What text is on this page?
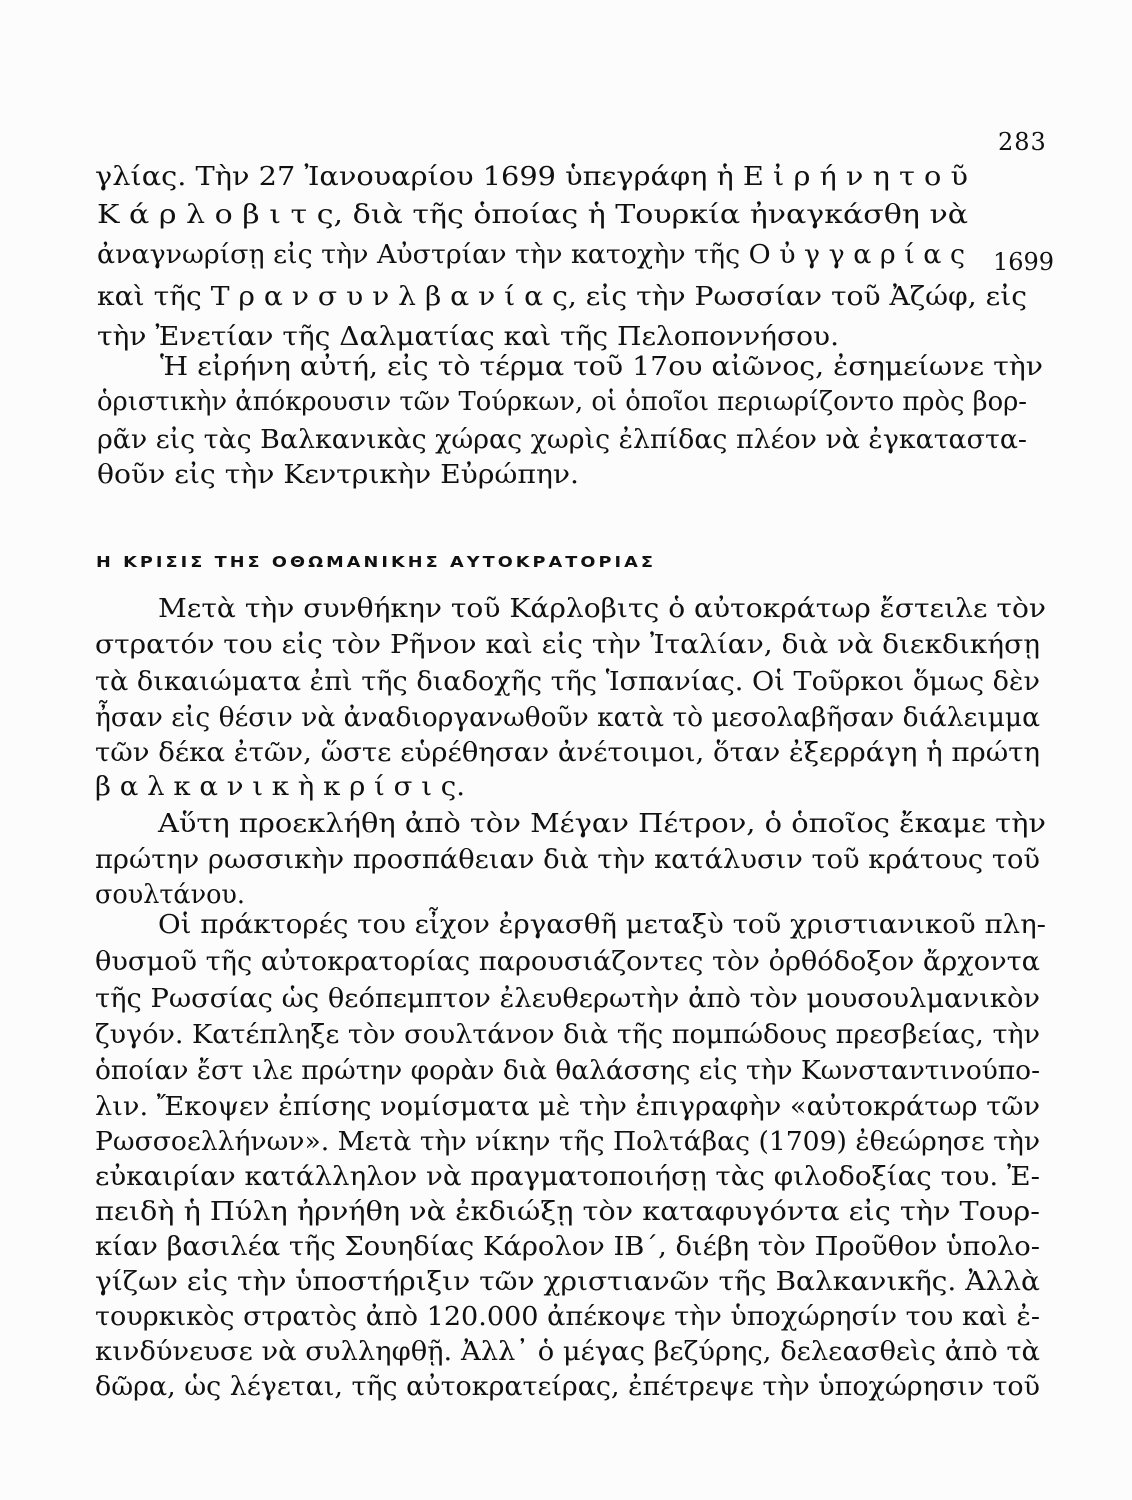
283
1699
γλίας. Τὴν 27 Ἰανουαρίου 1699 ὑπεγράφη ἡ Ε ἰ ρ ή ν η τ ο ῦ
Κ ά ρ λ ο β ι τ ς, διὰ τῆς ὁποίας ἡ Τουρκία ἠναγκάσθη νὰ
ἀναγνωρίσῃ εἰς τὴν Αὐστρίαν τὴν κατοχὴν τῆς Ο ὐ γ γ α ρ ί α ς
καὶ τῆς Τ ρ α ν σ υ ν λ β α ν ί α ς, εἰς τὴν Ρωσσίαν τοῦ Ἀζώφ, εἰς
τὴν Ἐνετίαν τῆς Δαλματίας καὶ τῆς Πελοποννήσου.
Ἡ εἰρήνη αὐτή, εἰς τὸ τέρμα τοῦ 17ου αἰῶνος, ἐσημείωνε τὴν
ὁριστικὴν ἀπόκρουσιν τῶν Τούρκων, οἱ ὁποῖοι περιωρίζοντο πρὸς βορ-
ρᾶν εἰς τὰς Βαλκανικὰς χώρας χωρὶς ἐλπίδας πλέον νὰ ἐγκαταστα-
θοῦν εἰς τὴν Κεντρικὴν Εὐρώπην.
Η ΚΡΙΣΙΣ ΤΗΣ ΟΘΩΜΑΝΙΚΗΣ ΑΥΤΟΚΡΑΤΟΡΙΑΣ
Μετὰ τὴν συνθήκην τοῦ Κάρλοβιτς ὁ αὐτοκράτωρ ἔστειλε τὸν
στρατόν του εἰς τὸν Ρῆνον καὶ εἰς τὴν Ἰταλίαν, διὰ νὰ διεκδικήσῃ
τὰ δικαιώματα ἐπὶ τῆς διαδοχῆς τῆς Ἱσπανίας. Οἱ Τοῦρκοι ὅμως δὲν
ἦσαν εἰς θέσιν νὰ ἀναδιοργανωθοῦν κατὰ τὸ μεσολαβῆσαν διάλειμμα
τῶν δέκα ἐτῶν, ὥστε εὑρέθησαν ἀνέτοιμοι, ὅταν ἐξερράγη ἡ πρώτη
β α λ κ α ν ι κ ὴ κ ρ ί σ ι ς.
Αὕτη προεκλήθη ἀπὸ τὸν Μέγαν Πέτρον, ὁ ὁποῖος ἔκαμε τὴν
πρώτην ρωσσικὴν προσπάθειαν διὰ τὴν κατάλυσιν τοῦ κράτους τοῦ
σουλτάνου.
Οἱ πράκτορές του εἶχον ἐργασθῆ μεταξὺ τοῦ χριστιανικοῦ πλη-
θυσμοῦ τῆς αὐτοκρατορίας παρουσιάζοντες τὸν ὀρθόδοξον ἄρχοντα
τῆς Ρωσσίας ὡς θεόπεμπτον ἐλευθερωτὴν ἀπὸ τὸν μουσουλμανικὸν
ζυγόν. Κατέπληξε τὸν σουλτάνον διὰ τῆς πομπώδους πρεσβείας, τὴν
ὁποίαν ἔστ ιλε πρώτην φορὰν διὰ θαλάσσης εἰς τὴν Κωνσταντινούπο-
λιν. Ἔκοψεν ἐπίσης νομίσματα μὲ τὴν ἐπιγραφὴν «αὐτοκράτωρ τῶν
Ρωσσοελλήνων». Μετὰ τὴν νίκην τῆς Πολτάβας (1709) ἐθεώρησε τὴν
εὐκαιρίαν κατάλληλον νὰ πραγματοποιήσῃ τὰς φιλοδοξίας του. Ἐ-
πειδὴ ἡ Πύλη ἠρνήθη νὰ ἐκδιώξῃ τὸν καταφυγόντα εἰς τὴν Τουρ-
κίαν βασιλέα τῆς Σουηδίας Κάρολον ΙΒ΄, διέβη τὸν Προῦθον ὑπολο-
γίζων εἰς τὴν ὑποστήριξιν τῶν χριστιανῶν τῆς Βαλκανικῆς. Ἀλλὰ
τουρκικὸς στρατὸς ἀπὸ 120.000 ἀπέκοψε τὴν ὑποχώρησίν του καὶ ἐ-
κινδύνευσε νὰ συλληφθῇ. Ἀλλ᾽ ὁ μέγας βεζύρης, δελεασθεὶς ἀπὸ τὰ
δῶρα, ὡς λέγεται, τῆς αὐτοκρατείρας, ἐπέτρεψε τὴν ὑποχώρησιν τοῦ
